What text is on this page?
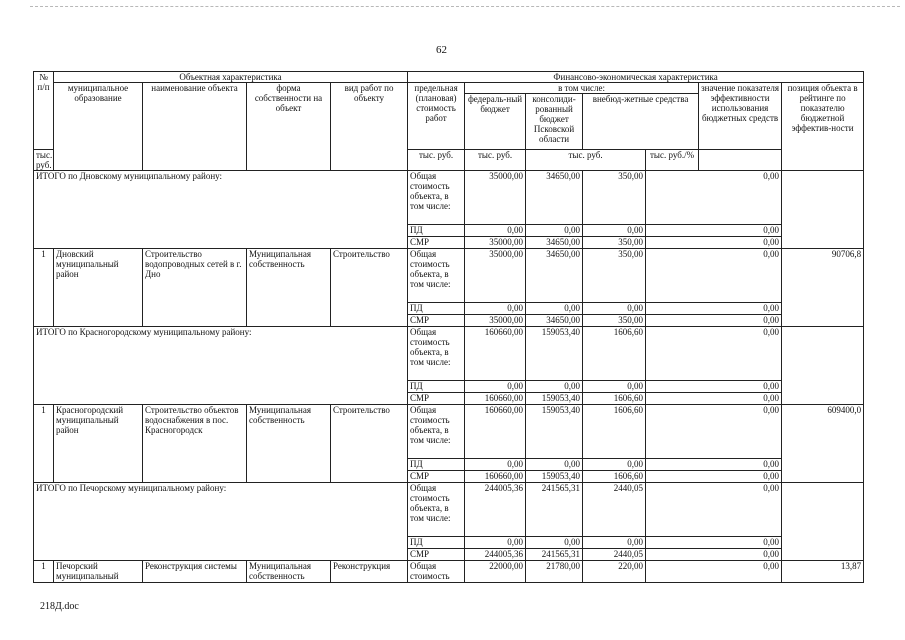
62
№
п/п	Объектная характеристика				Финансово-экономическая характеристика							
	муниципальное образование	наименование объекта	форма собственности на объект	вид работ по объекту	предельная (плановая) стоимость работ	в том числе:				значение показателя эффективности использования бюджетных средств	позиция объекта в рейтинге по показателю бюджетной эффектив-ности	
						федераль-ный бюджет	консолиди-рованный бюджет Псковской области	внебюд-жетные средства				
тыс. руб.					тыс. руб.	тыс. руб.	тыс. руб.		тыс. руб./%			
ИТОГО по Дновскому муниципальному району:					Общая стоимость объекта, в том числе:	35000,00	34650,00	350,00	0,00			
					ПД	0,00	0,00	0,00	0,00			
					СМР	35000,00	34650,00	350,00	0,00			
1	Дновский муниципальный район	Строительство водопроводных сетей в г. Дно	Муниципальная собственность	Строительство	Общая стоимость объекта, в том числе:	35000,00	34650,00	350,00	0,00		90706,8	
					ПД	0,00	0,00	0,00	0,00			
					СМР	35000,00	34650,00	350,00	0,00			
ИТОГО по Красногородскому муниципальному району:					Общая стоимость объекта, в том числе:	160660,00	159053,40	1606,60	0,00			
					ПД	0,00	0,00	0,00	0,00			
					СМР	160660,00	159053,40	1606,60	0,00			
1	Красногородский муниципальный район	Строительство объектов водоснабжения в пос. Красногородск	Муниципальная собственность	Строительство	Общая стоимость объекта, в том числе:	160660,00	159053,40	1606,60	0,00		609400,0	
					ПД	0,00	0,00	0,00	0,00			
					СМР	160660,00	159053,40	1606,60	0,00			
ИТОГО по Печорскому муниципальному району:					Общая стоимость объекта, в том числе:	244005,36	241565,31	2440,05	0,00			
					ПД	0,00	0,00	0,00	0,00			
					СМР	244005,36	241565,31	2440,05	0,00			
1	Печорский муниципальный	Реконструкция системы	Муниципальная собственность	Реконструкция	Общая стоимость	22000,00	21780,00	220,00	0,00		13,87	
218Д.doc
